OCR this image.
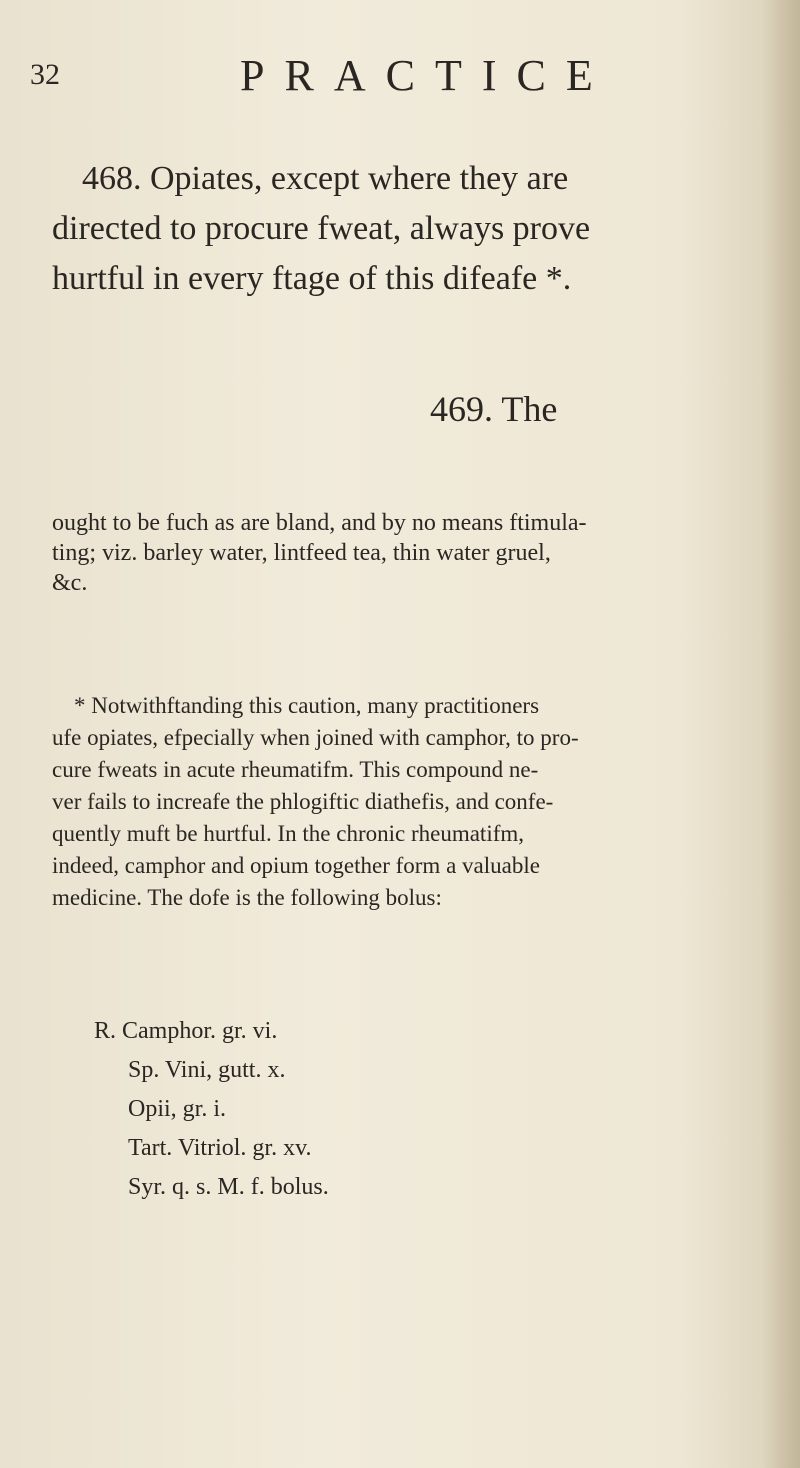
32	PRACTICE
468. Opiates, except where they are
directed to procure fweat, always prove
hurtful in every ftage of this difeafe *.
469. The
ought to be fuch as are bland, and by no means ftimula-
ting; viz. barley water, lintfeed tea, thin water gruel,
&c.
* Notwithftanding this caution, many practitioners
ufe opiates, efpecially when joined with camphor, to pro-
cure fweats in acute rheumatifm. This compound ne-
ver fails to increafe the phlogiftic diathefis, and confe-
quently muft be hurtful. In the chronic rheumatifm,
indeed, camphor and opium together form a valuable
medicine. The dofe is the following bolus:
R. Camphor. gr. vi.
Sp. Vini, gutt. x.
Opii, gr. i.
Tart. Vitriol. gr. xv.
Syr. q. s. M. f. bolus.
